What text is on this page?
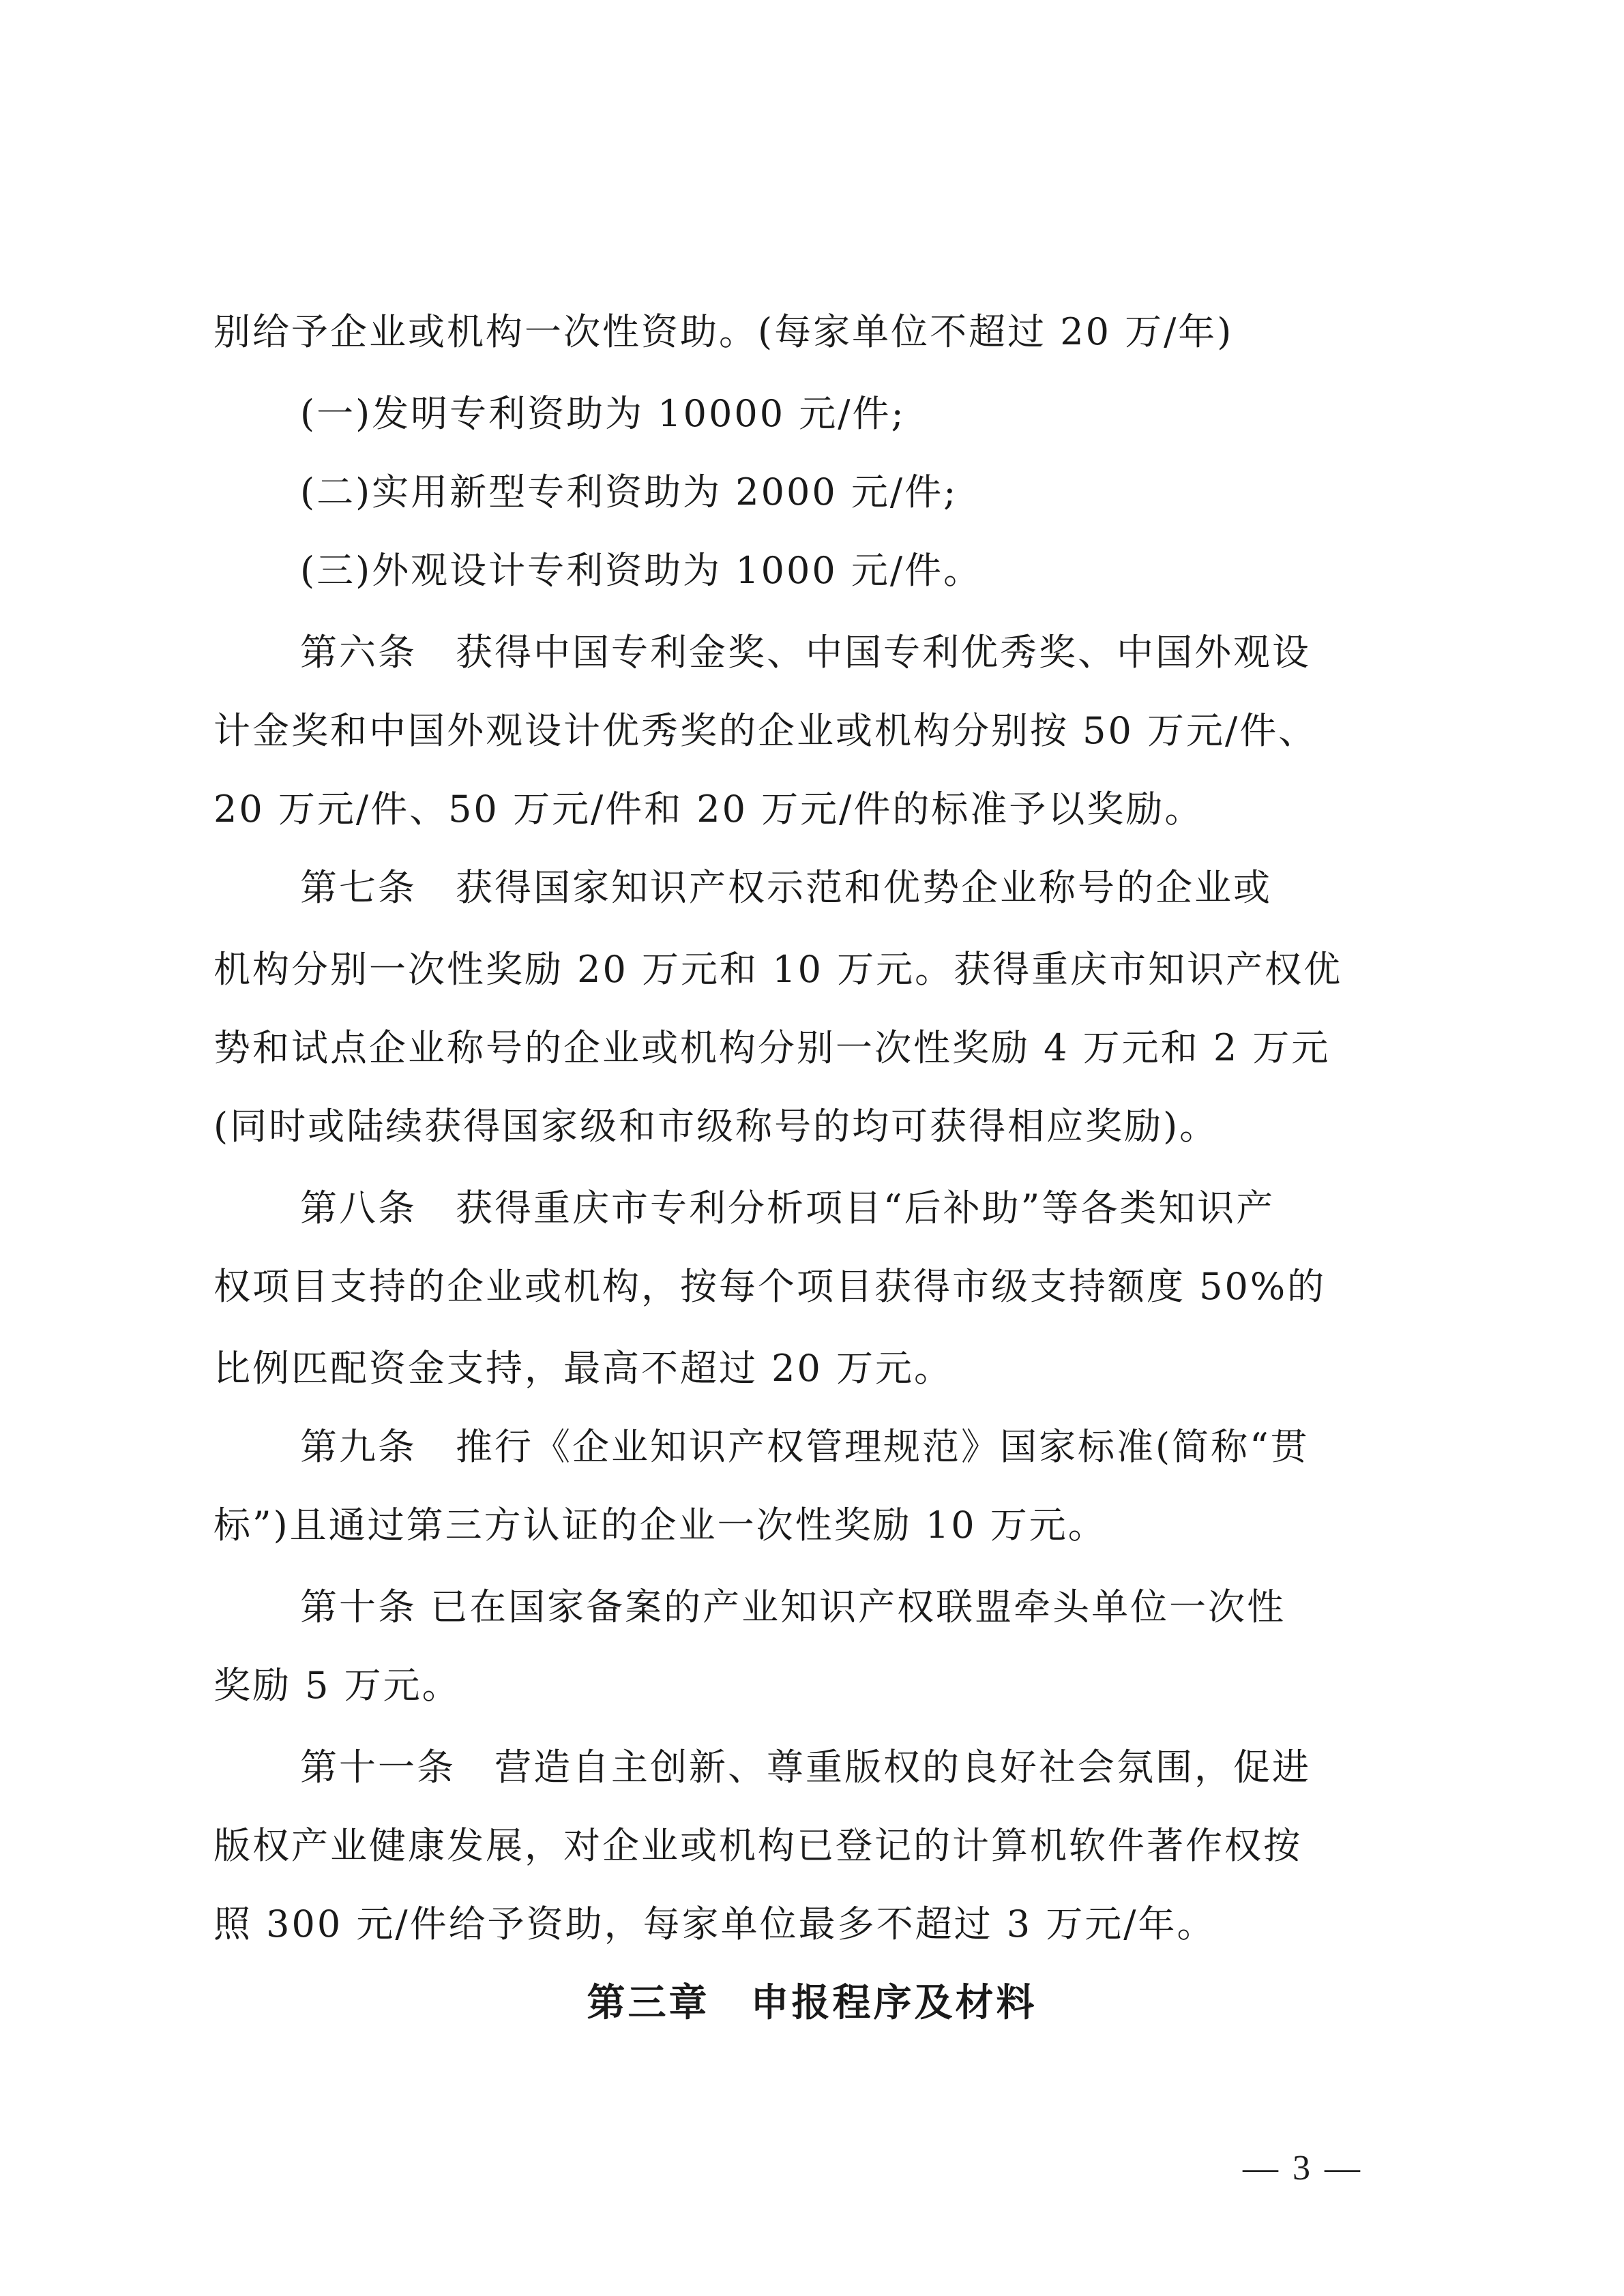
别给予企业或机构一次性资助。(每家单位不超过 20 万/年)
(一)发明专利资助为 10000 元/件;
(二)实用新型专利资助为 2000 元/件;
(三)外观设计专利资助为 1000 元/件。
第六条　获得中国专利金奖、中国专利优秀奖、中国外观设
计金奖和中国外观设计优秀奖的企业或机构分别按 50 万元/件、
20 万元/件、50 万元/件和 20 万元/件的标准予以奖励。
第七条　获得国家知识产权示范和优势企业称号的企业或
机构分别一次性奖励 20 万元和 10 万元。获得重庆市知识产权优
势和试点企业称号的企业或机构分别一次性奖励 4 万元和 2 万元
(同时或陆续获得国家级和市级称号的均可获得相应奖励)。
第八条　获得重庆市专利分析项目“后补助”等各类知识产
权项目支持的企业或机构，按每个项目获得市级支持额度 50%的
比例匹配资金支持，最高不超过 20 万元。
第九条　推行《企业知识产权管理规范》国家标准(简称“贯
标”)且通过第三方认证的企业一次性奖励 10 万元。
第十条 已在国家备案的产业知识产权联盟牵头单位一次性
奖励 5 万元。
第十一条　营造自主创新、尊重版权的良好社会氛围，促进
版权产业健康发展，对企业或机构已登记的计算机软件著作权按
照 300 元/件给予资助，每家单位最多不超过 3 万元/年。
第三章　申报程序及材料
— 3 —
